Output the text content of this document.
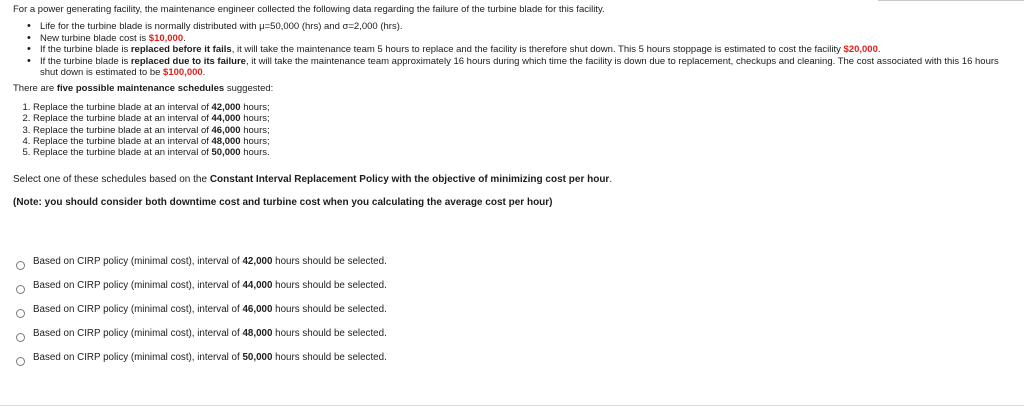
For a power generating facility, the maintenance engineer collected the following data regarding the failure of the turbine blade for this facility.

• Life for the turbine blade is normally distributed with μ=50,000 (hrs) and σ=2,000 (hrs).
• New turbine blade cost is $10,000.
• If the turbine blade is replaced before it fails, it will take the maintenance team 5 hours to replace and the facility is therefore shut down. This 5 hours stoppage is estimated to cost the facility $20,000.
• If the turbine blade is replaced due to its failure, it will take the maintenance team approximately 16 hours during which time the facility is down due to replacement, checkups and cleaning. The cost associated with this 16 hours shut down is estimated to be $100,000.

There are five possible maintenance schedules suggested:

1. Replace the turbine blade at an interval of 42,000 hours;
2. Replace the turbine blade at an interval of 44,000 hours;
3. Replace the turbine blade at an interval of 46,000 hours;
4. Replace the turbine blade at an interval of 48,000 hours;
5. Replace the turbine blade at an interval of 50,000 hours.

Select one of these schedules based on the Constant Interval Replacement Policy with the objective of minimizing cost per hour.

(Note: you should consider both downtime cost and turbine cost when you calculating the average cost per hour)

Based on CIRP policy (minimal cost), interval of 42,000 hours should be selected.
Based on CIRP policy (minimal cost), interval of 44,000 hours should be selected.
Based on CIRP policy (minimal cost), interval of 46,000 hours should be selected.
Based on CIRP policy (minimal cost), interval of 48,000 hours should be selected.
Based on CIRP policy (minimal cost), interval of 50,000 hours should be selected.
